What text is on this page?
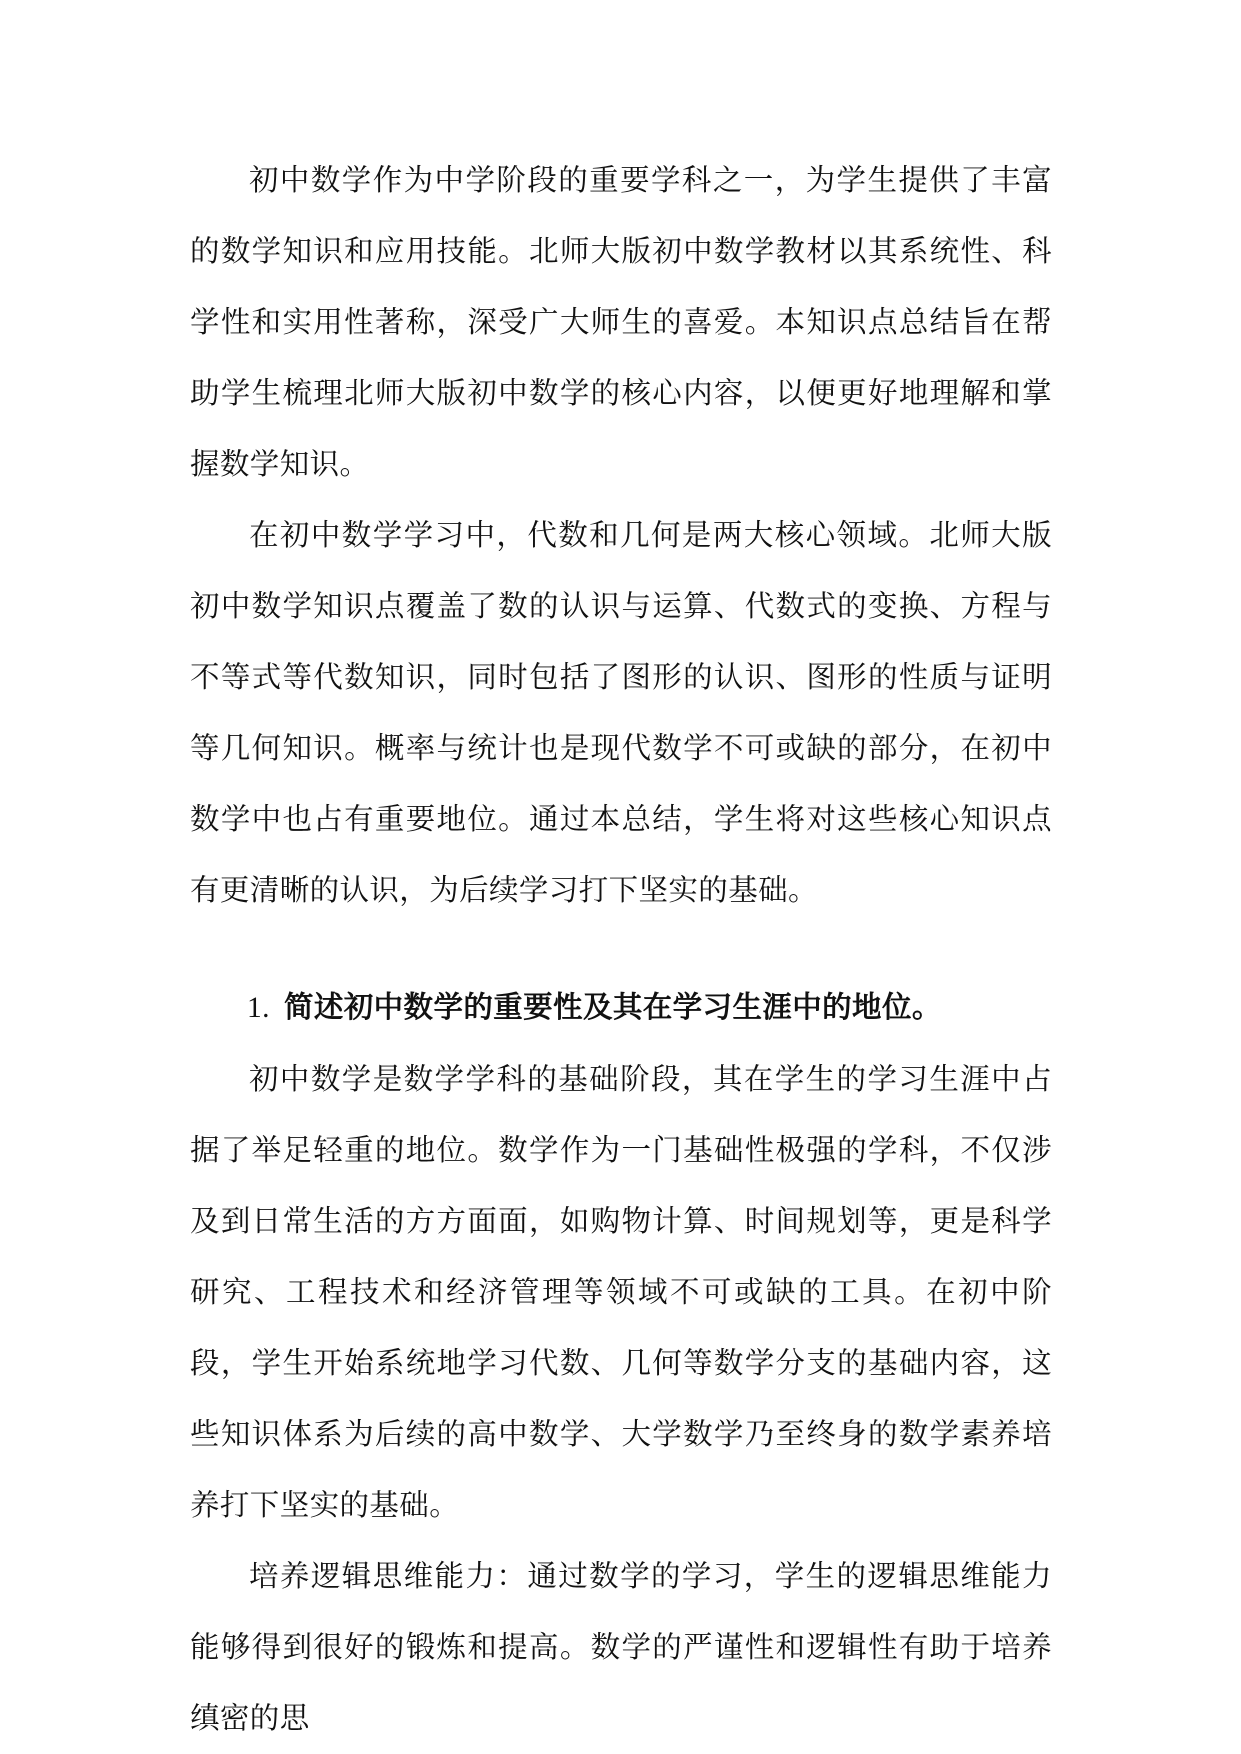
初中数学作为中学阶段的重要学科之一，为学生提供了丰富的数学知识和应用技能。北师大版初中数学教材以其系统性、科学性和实用性著称，深受广大师生的喜爱。本知识点总结旨在帮助学生梳理北师大版初中数学的核心内容，以便更好地理解和掌握数学知识。

在初中数学学习中，代数和几何是两大核心领域。北师大版初中数学知识点覆盖了数的认识与运算、代数式的变换、方程与不等式等代数知识，同时包括了图形的认识、图形的性质与证明等几何知识。概率与统计也是现代数学不可或缺的部分，在初中数学中也占有重要地位。通过本总结，学生将对这些核心知识点有更清晰的认识，为后续学习打下坚实的基础。

1. 简述初中数学的重要性及其在学习生涯中的地位。

初中数学是数学学科的基础阶段，其在学生的学习生涯中占据了举足轻重的地位。数学作为一门基础性极强的学科，不仅涉及到日常生活的方方面面，如购物计算、时间规划等，更是科学研究、工程技术和经济管理等领域不可或缺的工具。在初中阶段，学生开始系统地学习代数、几何等数学分支的基础内容，这些知识体系为后续的高中数学、大学数学乃至终身的数学素养培养打下坚实的基础。

培养逻辑思维能力：通过数学的学习，学生的逻辑思维能力能够得到很好的锻炼和提高。数学的严谨性和逻辑性有助于培养缜密的思
